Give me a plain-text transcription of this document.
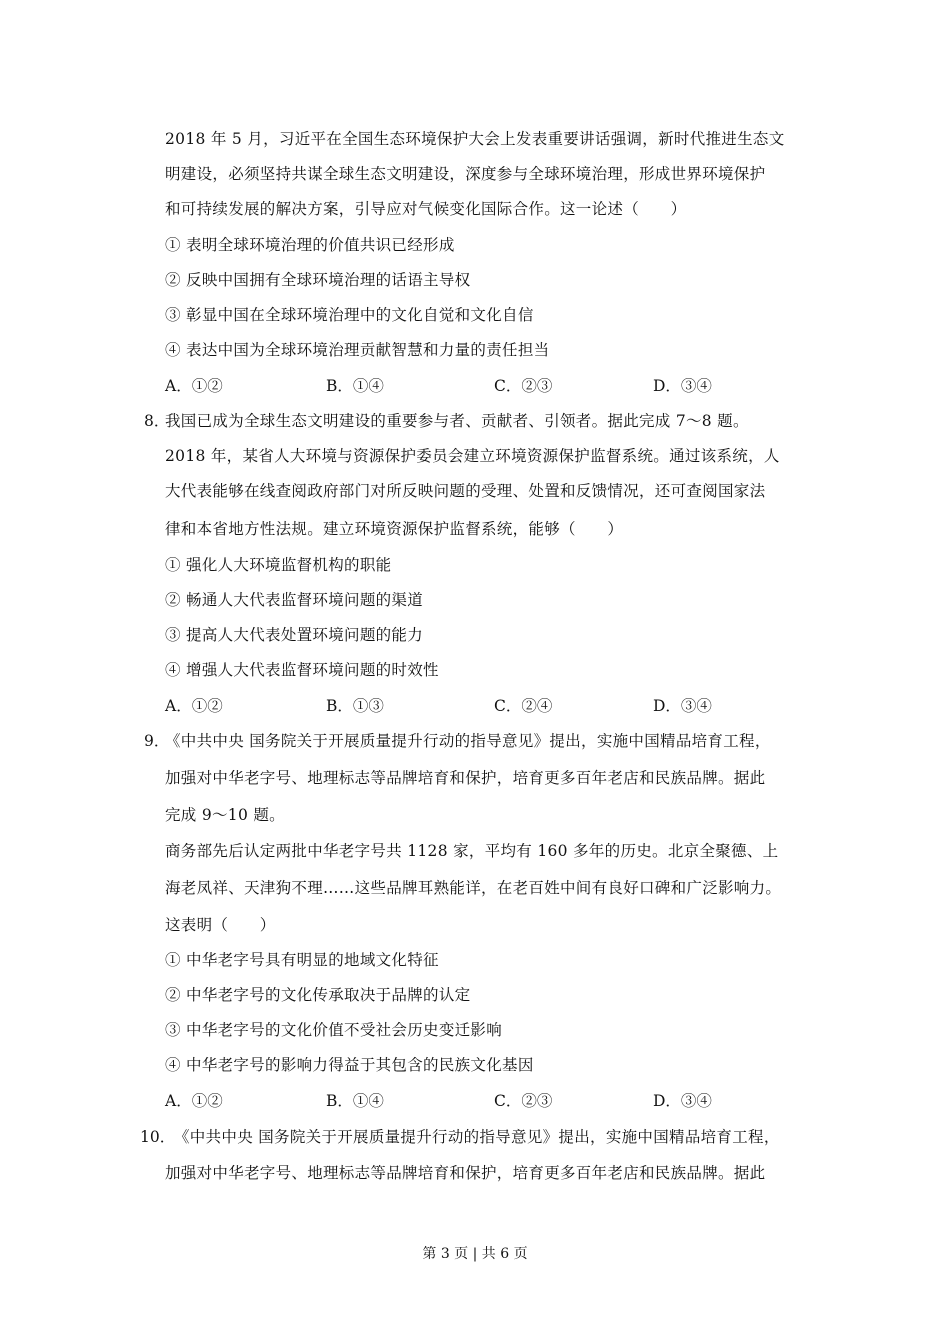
2018 年 5 月，习近平在全国生态环境保护大会上发表重要讲话强调，新时代推进生态文
明建设，必须坚持共谋全球生态文明建设，深度参与全球环境治理，形成世界环境保护
和可持续发展的解决方案，引导应对气候变化国际合作。这一论述（　　）
① 表明全球环境治理的价值共识已经形成
② 反映中国拥有全球环境治理的话语主导权
③ 彰显中国在全球环境治理中的文化自觉和文化自信
④ 表达中国为全球环境治理贡献智慧和力量的责任担当
A．①②	B．①④	C．②③	D．③④
8．
我国已成为全球生态文明建设的重要参与者、贡献者、引领者。据此完成 7～8 题。
2018 年，某省人大环境与资源保护委员会建立环境资源保护监督系统。通过该系统，人
大代表能够在线查阅政府部门对所反映问题的受理、处置和反馈情况，还可查阅国家法
律和本省地方性法规。建立环境资源保护监督系统，能够（　　）
① 强化人大环境监督机构的职能
② 畅通人大代表监督环境问题的渠道
③ 提高人大代表处置环境问题的能力
④ 增强人大代表监督环境问题的时效性
A．①②	B．①③	C．②④	D．③④
9．
《中共中央 国务院关于开展质量提升行动的指导意见》提出，实施中国精品培育工程，
加强对中华老字号、地理标志等品牌培育和保护，培育更多百年老店和民族品牌。据此
完成 9～10 题。
商务部先后认定两批中华老字号共 1128 家，平均有 160 多年的历史。北京全聚德、上
海老凤祥、天津狗不理……这些品牌耳熟能详，在老百姓中间有良好口碑和广泛影响力。
这表明（　　）
① 中华老字号具有明显的地域文化特征
② 中华老字号的文化传承取决于品牌的认定
③ 中华老字号的文化价值不受社会历史变迁影响
④ 中华老字号的影响力得益于其包含的民族文化基因
A．①②	B．①④	C．②③	D．③④
10．
《中共中央 国务院关于开展质量提升行动的指导意见》提出，实施中国精品培育工程，
加强对中华老字号、地理标志等品牌培育和保护，培育更多百年老店和民族品牌。据此
第 3 页 | 共 6 页
